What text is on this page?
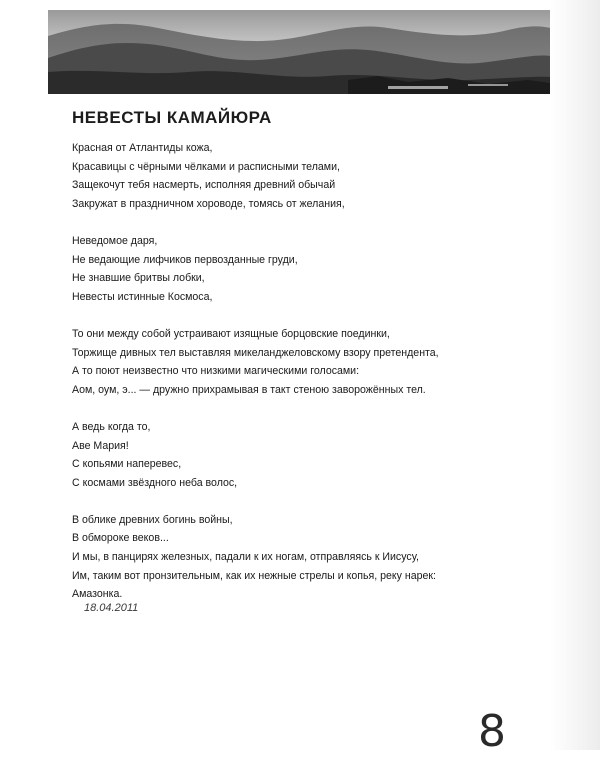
НЕВЕСТЫ КАМАЙЮРА
Красная от Атлантиды кожа,
Красавицы с чёрными чёлками и расписными телами,
Защекочут тебя насмерть, исполняя древний обычай
Закружат в праздничном хороводе, томясь от желания,
Неведомое даря,
Не ведающие лифчиков первозданные груди,
Не знавшие бритвы лобки,
Невесты истинные Космоса,
То они между собой устраивают изящные борцовские поединки,
Торжище дивных тел выставляя микеланджеловскому взору претендента,
А то поют неизвестно что низкими магическими голосами:
Аом, оум, э... — дружно прихрамывая в такт стеною заворожённых тел.
А ведь когда то,
Аве Мария!
С копьями наперевес,
С космами звёздного неба волос,
В облике древних богинь войны,
В обмороке веков...
И мы, в панцирях железных, падали к их ногам, отправляясь к Иисусу,
Им, таким вот пронзительным, как их нежные стрелы и копья, реку нарек:
Амазонка.
18.04.2011
8
